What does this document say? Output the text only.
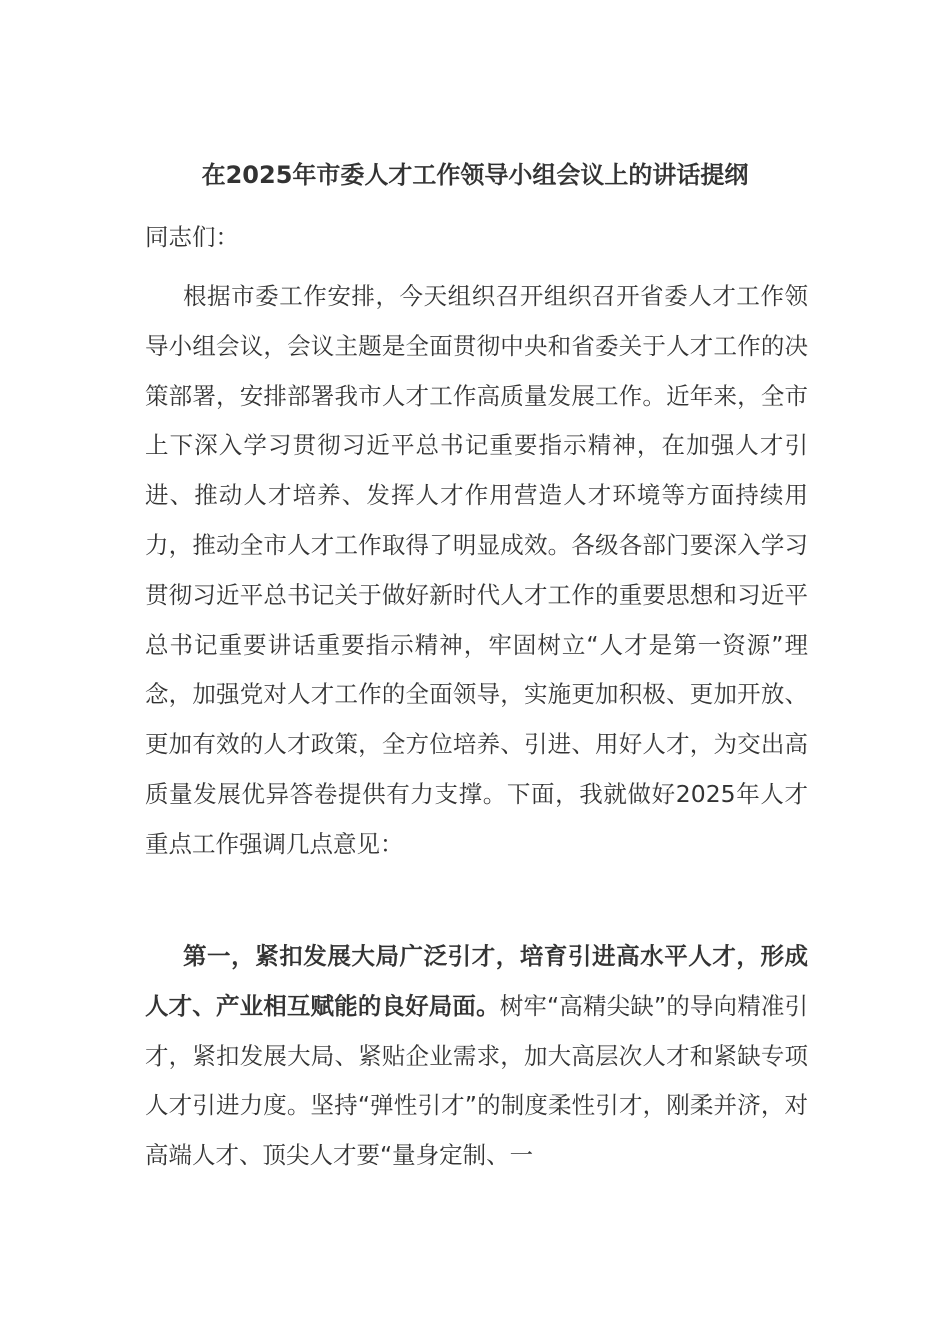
在2025年市委人才工作领导小组会议上的讲话提纲

同志们：

根据市委工作安排，今天组织召开组织召开省委人才工作领导小组会议，会议主题是全面贯彻中央和省委关于人才工作的决策部署，安排部署我市人才工作高质量发展工作。近年来，全市上下深入学习贯彻习近平总书记重要指示精神，在加强人才引进、推动人才培养、发挥人才作用营造人才环境等方面持续用力，推动全市人才工作取得了明显成效。各级各部门要深入学习贯彻习近平总书记关于做好新时代人才工作的重要思想和习近平总书记重要讲话重要指示精神，牢固树立“人才是第一资源”理念，加强党对人才工作的全面领导，实施更加积极、更加开放、更加有效的人才政策，全方位培养、引进、用好人才，为交出高质量发展优异答卷提供有力支撑。下面，我就做好2025年人才重点工作强调几点意见：

第一，紧扣发展大局广泛引才，培育引进高水平人才，形成人才、产业相互赋能的良好局面。树牢“高精尖缺”的导向精准引才，紧扣发展大局、紧贴企业需求，加大高层次人才和紧缺专项人才引进力度。坚持“弹性引才”的制度柔性引才，刚柔并济，对高端人才、顶尖人才要“量身定制、一
